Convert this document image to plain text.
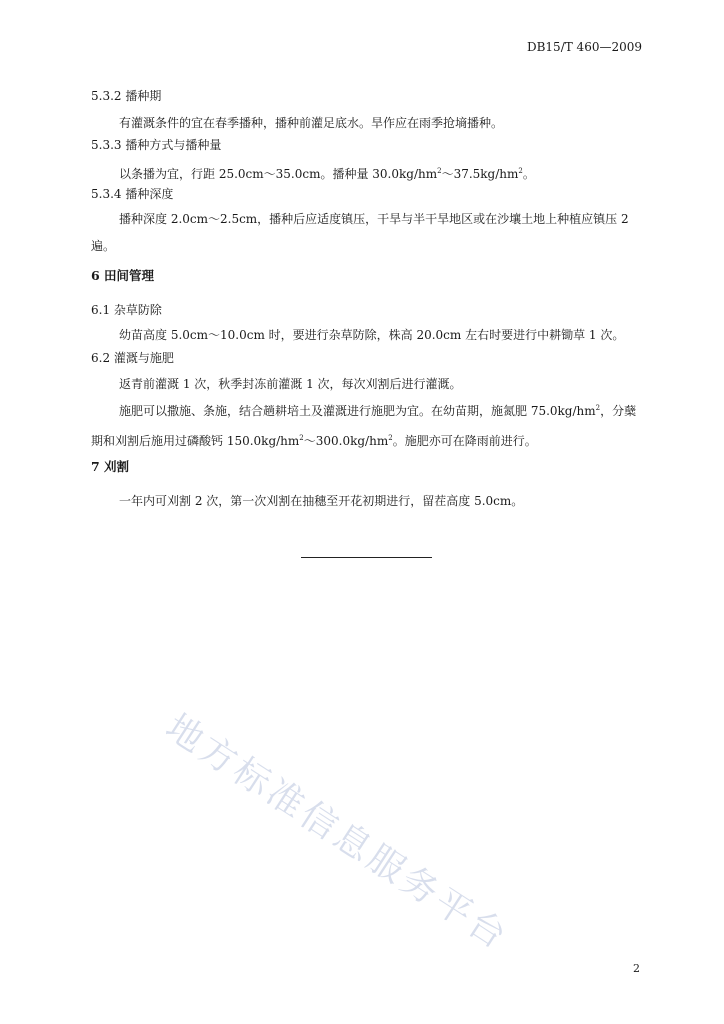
DB15/T 460—2009
5.3.2 播种期
有灌溉条件的宜在春季播种，播种前灌足底水。旱作应在雨季抢墒播种。
5.3.3 播种方式与播种量
以条播为宜，行距 25.0cm～35.0cm。播种量 $30.0kg/hm^2\sim 37.5kg/hm^2$。
5.3.4 播种深度
播种深度 2.0cm～2.5cm，播种后应适度镇压，干旱与半干旱地区或在沙壤土地上种植应镇压 2 遍。
6 田间管理
6.1 杂草防除
幼苗高度 5.0cm～10.0cm 时，要进行杂草防除，株高 20.0cm 左右时要进行中耕锄草 1 次。
6.2 灌溉与施肥
返青前灌溉 1 次，秋季封冻前灌溉 1 次，每次刈割后进行灌溉。
施肥可以撒施、条施，结合趟耕培土及灌溉进行施肥为宜。在幼苗期，施氮肥 $75.0kg/hm^2$，分蘖期和刈割后施用过磷酸钙 $150.0kg/hm^2\sim 300.0kg/hm^2$。施肥亦可在降雨前进行。
7 刈割
一年内可刈割 2 次，第一次刈割在抽穗至开花初期进行，留茬高度 5.0cm。
地方标准信息服务平台
2
